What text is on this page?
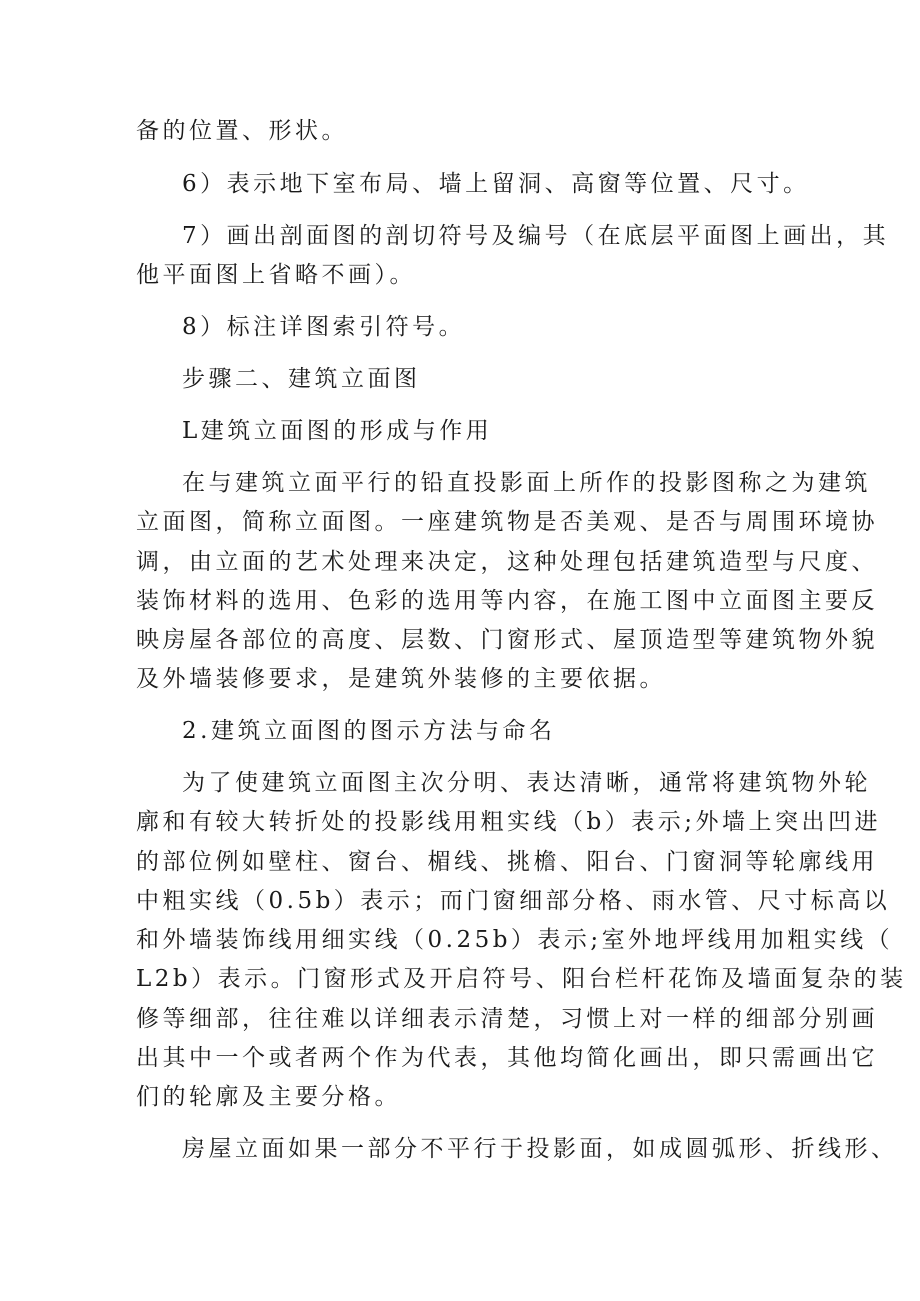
备的位置、形状。

6）表示地下室布局、墙上留洞、高窗等位置、尺寸。

7）画出剖面图的剖切符号及编号（在底层平面图上画出，其

他平面图上省略不画）。

8）标注详图索引符号。

步骤二、建筑立面图

L建筑立面图的形成与作用

在与建筑立面平行的铅直投影面上所作的投影图称之为建筑

立面图，简称立面图。一座建筑物是否美观、是否与周围环境协

调，由立面的艺术处理来决定，这种处理包括建筑造型与尺度、

装饰材料的选用、色彩的选用等内容，在施工图中立面图主要反

映房屋各部位的高度、层数、门窗形式、屋顶造型等建筑物外貌

及外墙装修要求，是建筑外装修的主要依据。

2.建筑立面图的图示方法与命名

为了使建筑立面图主次分明、表达清晰，通常将建筑物外轮

廓和有较大转折处的投影线用粗实线（b）表示;外墙上突出凹进

的部位例如壁柱、窗台、楣线、挑檐、阳台、门窗洞等轮廓线用

中粗实线（0.5b）表示；而门窗细部分格、雨水管、尺寸标高以

和外墙装饰线用细实线（0.25b）表示;室外地坪线用加粗实线（

L2b）表示。门窗形式及开启符号、阳台栏杆花饰及墙面复杂的装

修等细部，往往难以详细表示清楚，习惯上对一样的细部分别画

出其中一个或者两个作为代表，其他均简化画出，即只需画出它

们的轮廓及主要分格。

房屋立面如果一部分不平行于投影面，如成圆弧形、折线形、
